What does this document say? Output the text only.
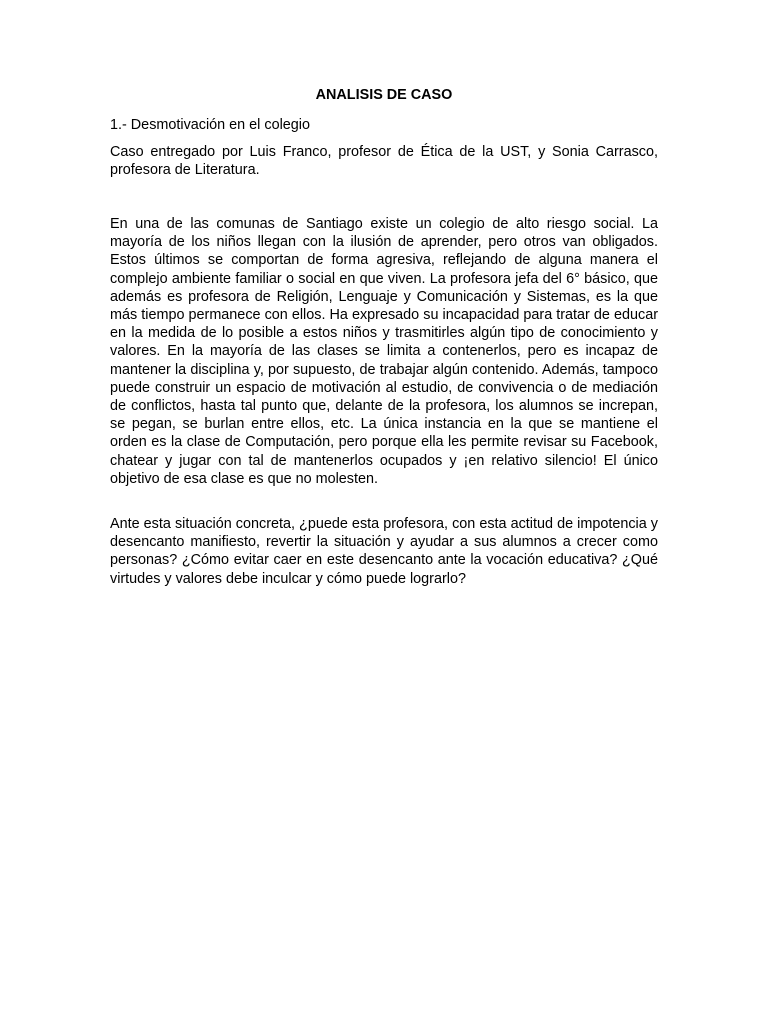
ANALISIS DE CASO

1.- Desmotivación en el colegio

Caso entregado por Luis Franco, profesor de Ética de la UST, y Sonia Carrasco, profesora de Literatura.

En una de las comunas de Santiago existe un colegio de alto riesgo social. La mayoría de los niños llegan con la ilusión de aprender, pero otros van obligados. Estos últimos se comportan de forma agresiva, reflejando de alguna manera el complejo ambiente familiar o social en que viven. La profesora jefa del 6° básico, que además es profesora de Religión, Lenguaje y Comunicación y Sistemas, es la que más tiempo permanece con ellos. Ha expresado su incapacidad para tratar de educar en la medida de lo posible a estos niños y trasmitirles algún tipo de conocimiento y valores. En la mayoría de las clases se limita a contenerlos, pero es incapaz de mantener la disciplina y, por supuesto, de trabajar algún contenido. Además, tampoco puede construir un espacio de motivación al estudio, de convivencia o de mediación de conflictos, hasta tal punto que, delante de la profesora, los alumnos se increpan, se pegan, se burlan entre ellos, etc. La única instancia en la que se mantiene el orden es la clase de Computación, pero porque ella les permite revisar su Facebook, chatear y jugar con tal de mantenerlos ocupados y ¡en relativo silencio! El único objetivo de esa clase es que no molesten.

Ante esta situación concreta, ¿puede esta profesora, con esta actitud de impotencia y desencanto manifiesto, revertir la situación y ayudar a sus alumnos a crecer como personas? ¿Cómo evitar caer en este desencanto ante la vocación educativa? ¿Qué virtudes y valores debe inculcar y cómo puede lograrlo?
